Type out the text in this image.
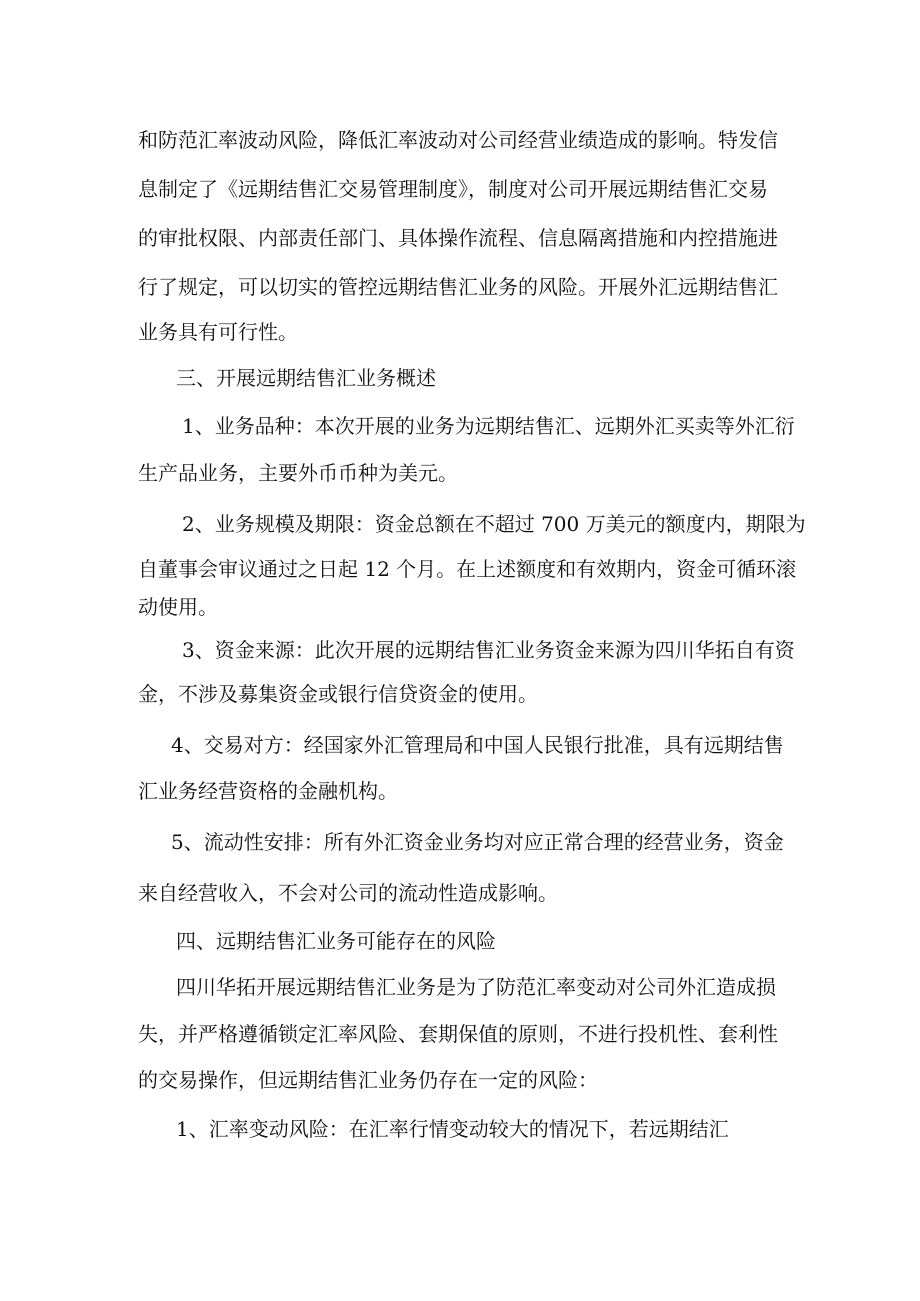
和防范汇率波动风险，降低汇率波动对公司经营业绩造成的影响。特发信
息制定了《远期结售汇交易管理制度》，制度对公司开展远期结售汇交易
的审批权限、内部责任部门、具体操作流程、信息隔离措施和内控措施进
行了规定，可以切实的管控远期结售汇业务的风险。开展外汇远期结售汇
业务具有可行性。
三、开展远期结售汇业务概述
1、业务品种：本次开展的业务为远期结售汇、远期外汇买卖等外汇衍
生产品业务，主要外币币种为美元。
2、业务规模及期限：资金总额在不超过 700 万美元的额度内，期限为
自董事会审议通过之日起 12 个月。在上述额度和有效期内，资金可循环滚
动使用。
3、资金来源：此次开展的远期结售汇业务资金来源为四川华拓自有资
金，不涉及募集资金或银行信贷资金的使用。
4、交易对方：经国家外汇管理局和中国人民银行批准，具有远期结售
汇业务经营资格的金融机构。
5、流动性安排：所有外汇资金业务均对应正常合理的经营业务，资金
来自经营收入，不会对公司的流动性造成影响。
四、远期结售汇业务可能存在的风险
四川华拓开展远期结售汇业务是为了防范汇率变动对公司外汇造成损
失，并严格遵循锁定汇率风险、套期保值的原则，不进行投机性、套利性
的交易操作，但远期结售汇业务仍存在一定的风险：
1、汇率变动风险：在汇率行情变动较大的情况下，若远期结汇
